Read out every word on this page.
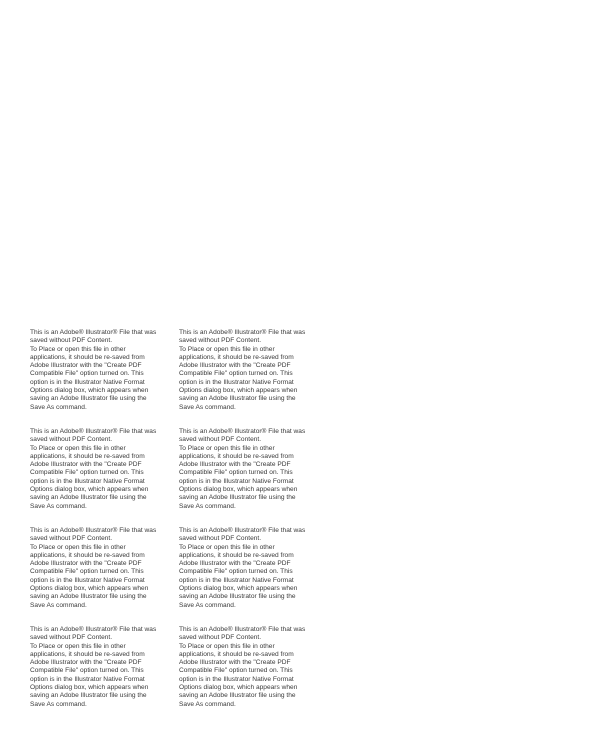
This is an Adobe® Illustrator® File that was
saved without PDF Content.
To Place or open this file in other
applications, it should be re-saved from
Adobe Illustrator with the "Create PDF
Compatible File" option turned on. This
option is in the Illustrator Native Format
Options dialog box, which appears when
saving an Adobe Illustrator file using the
Save As command.
This is an Adobe® Illustrator® File that was
saved without PDF Content.
To Place or open this file in other
applications, it should be re-saved from
Adobe Illustrator with the "Create PDF
Compatible File" option turned on. This
option is in the Illustrator Native Format
Options dialog box, which appears when
saving an Adobe Illustrator file using the
Save As command.
This is an Adobe® Illustrator® File that was
saved without PDF Content.
To Place or open this file in other
applications, it should be re-saved from
Adobe Illustrator with the "Create PDF
Compatible File" option turned on. This
option is in the Illustrator Native Format
Options dialog box, which appears when
saving an Adobe Illustrator file using the
Save As command.
This is an Adobe® Illustrator® File that was
saved without PDF Content.
To Place or open this file in other
applications, it should be re-saved from
Adobe Illustrator with the "Create PDF
Compatible File" option turned on. This
option is in the Illustrator Native Format
Options dialog box, which appears when
saving an Adobe Illustrator file using the
Save As command.
This is an Adobe® Illustrator® File that was
saved without PDF Content.
To Place or open this file in other
applications, it should be re-saved from
Adobe Illustrator with the "Create PDF
Compatible File" option turned on. This
option is in the Illustrator Native Format
Options dialog box, which appears when
saving an Adobe Illustrator file using the
Save As command.
This is an Adobe® Illustrator® File that was
saved without PDF Content.
To Place or open this file in other
applications, it should be re-saved from
Adobe Illustrator with the "Create PDF
Compatible File" option turned on. This
option is in the Illustrator Native Format
Options dialog box, which appears when
saving an Adobe Illustrator file using the
Save As command.
This is an Adobe® Illustrator® File that was
saved without PDF Content.
To Place or open this file in other
applications, it should be re-saved from
Adobe Illustrator with the "Create PDF
Compatible File" option turned on. This
option is in the Illustrator Native Format
Options dialog box, which appears when
saving an Adobe Illustrator file using the
Save As command.
This is an Adobe® Illustrator® File that was
saved without PDF Content.
To Place or open this file in other
applications, it should be re-saved from
Adobe Illustrator with the "Create PDF
Compatible File" option turned on. This
option is in the Illustrator Native Format
Options dialog box, which appears when
saving an Adobe Illustrator file using the
Save As command.
